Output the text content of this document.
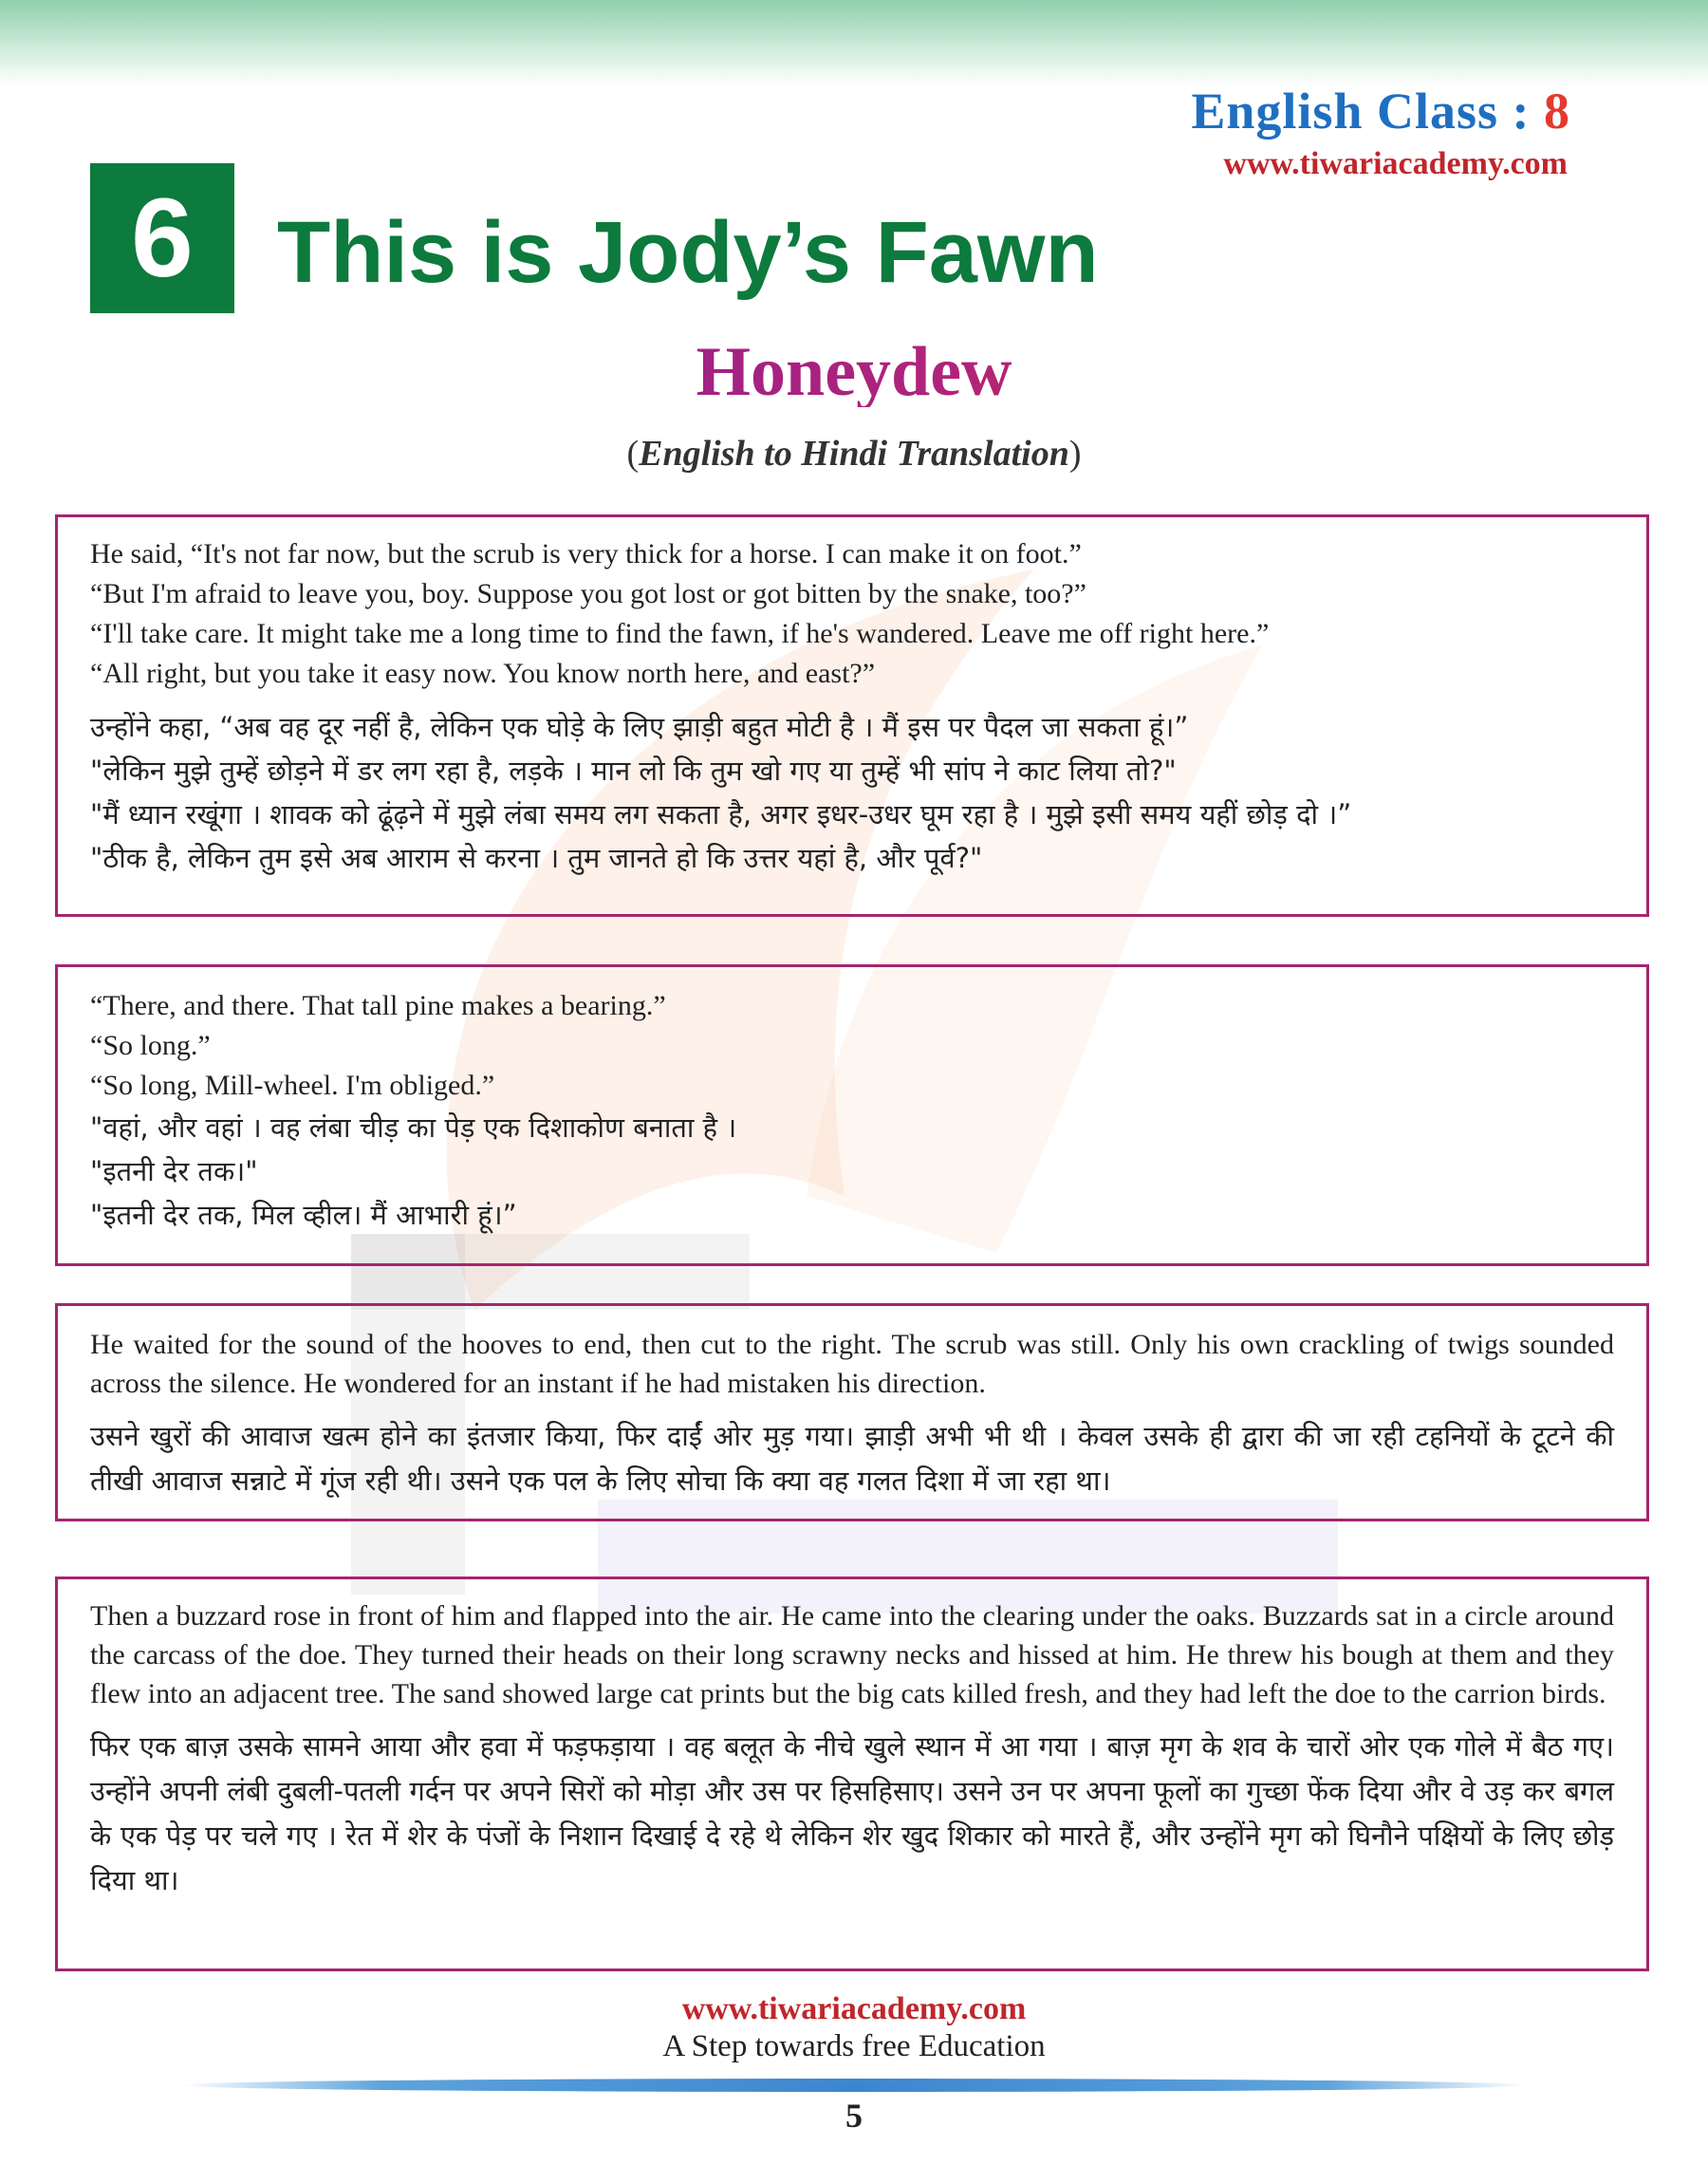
English Class : 8
www.tiwariacademy.com
6 This is Jody’s Fawn
Honeydew
(English to Hindi Translation)

He said, “It's not far now, but the scrub is very thick for a horse. I can make it on foot.”

“But I'm afraid to leave you, boy. Suppose you got lost or got bitten by the snake, too?”

“I'll take care. It might take me a long time to find the fawn, if he's wandered. Leave me off right here.”

“All right, but you take it easy now. You know north here, and east?”

उन्होंने कहा, “अब वह दूर नहीं है, लेकिन एक घोड़े के लिए झाड़ी बहुत मोटी है । मैं इस पर पैदल जा सकता हूं।”

"लेकिन मुझे तुम्हें छोड़ने में डर लग रहा है, लड़के । मान लो कि तुम खो गए या तुम्हें भी सांप ने काट लिया तो?"

"मैं ध्यान रखूंगा । शावक को ढूंढ़ने में मुझे लंबा समय लग सकता है, अगर इधर-उधर घूम रहा है । मुझे इसी समय यहीं छोड़ दो ।”

"ठीक है, लेकिन तुम इसे अब आराम से करना । तुम जानते हो कि उत्तर यहां है, और पूर्व?"

“There, and there. That tall pine makes a bearing.”

“So long.”

“So long, Mill-wheel. I'm obliged.”

"वहां, और वहां । वह लंबा चीड़ का पेड़ एक दिशाकोण बनाता है ।

"इतनी देर तक।"

"इतनी देर तक, मिल व्हील। मैं आभारी हूं।”

He waited for the sound of the hooves to end, then cut to the right. The scrub was still. Only his own crackling of twigs sounded across the silence. He wondered for an instant if he had mistaken his direction.

उसने खुरों की आवाज खत्म होने का इंतजार किया, फिर दाईं ओर मुड़ गया। झाड़ी अभी भी थी । केवल उसके ही द्वारा की जा रही टहनियों के टूटने की तीखी आवाज सन्नाटे में गूंज रही थी। उसने एक पल के लिए सोचा कि क्या वह गलत दिशा में जा रहा था।

Then a buzzard rose in front of him and flapped into the air. He came into the clearing under the oaks. Buzzards sat in a circle around the carcass of the doe. They turned their heads on their long scrawny necks and hissed at him. He threw his bough at them and they flew into an adjacent tree. The sand showed large cat prints but the big cats killed fresh, and they had left the doe to the carrion birds.

फिर एक बाज़ उसके सामने आया और हवा में फड़फड़ाया । वह बलूत के नीचे खुले स्थान में आ गया । बाज़ मृग के शव के चारों ओर एक गोले में बैठ गए। उन्होंने अपनी लंबी दुबली-पतली गर्दन पर अपने सिरों को मोड़ा और उस पर हिसहिसाए। उसने उन पर अपना फूलों का गुच्छा फेंक दिया और वे उड़ कर बगल के एक पेड़ पर चले गए । रेत में शेर के पंजों के निशान दिखाई दे रहे थे लेकिन शेर खुद शिकार को मारते हैं, और उन्होंने मृग को घिनौने पक्षियों के लिए छोड़ दिया था।

www.tiwariacademy.com
A Step towards free Education
5
